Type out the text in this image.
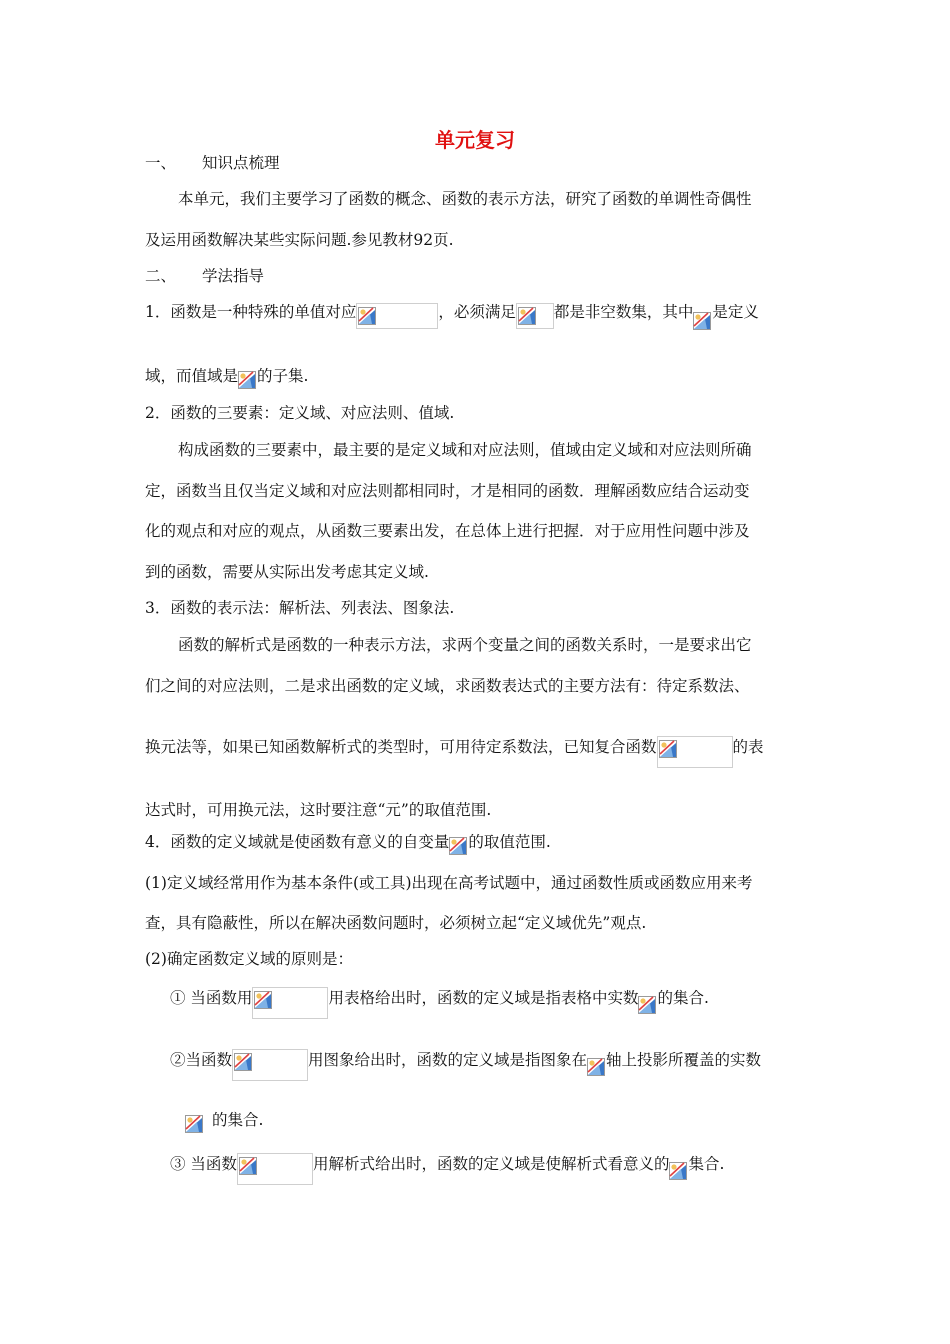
单元复习
一、 知识点梳理
本单元，我们主要学习了函数的概念、函数的表示方法，研究了函数的单调性奇偶性
及运用函数解决某些实际问题.参见教材92页.
二、 学法指导
1．函数是一种特殊的单值对应	，必须满足 都是非空数集，其中 是定义
域，而值域是 的子集.
2．函数的三要素：定义域、对应法则、值域.
构成函数的三要素中，最主要的是定义域和对应法则，值域由定义域和对应法则所确
定，函数当且仅当定义域和对应法则都相同时，才是相同的函数．理解函数应结合运动变
化的观点和对应的观点，从函数三要素出发，在总体上进行把握．对于应用性问题中涉及
到的函数，需要从实际出发考虑其定义域.
3．函数的表示法：解析法、列表法、图象法.
函数的解析式是函数的一种表示方法，求两个变量之间的函数关系时，一是要求出它
们之间的对应法则，二是求出函数的定义域，求函数表达式的主要方法有：待定系数法、
换元法等，如果已知函数解析式的类型时，可用待定系数法，已知复合函数	的表
达式时，可用换元法，这时要注意“元”的取值范围.
4．函数的定义域就是使函数有意义的自变量 的取值范围.
(1)定义域经常用作为基本条件(或工具)出现在高考试题中，通过函数性质或函数应用来考
查，具有隐蔽性，所以在解决函数问题时，必须树立起“定义域优先”观点.
(2)确定函数定义域的原则是：
① 当函数用	用表格给出时，函数的定义域是指表格中实数 的集合.
②当函数	用图象给出时，函数的定义域是指图象在 轴上投影所覆盖的实数
的集合.
③ 当函数	用解析式给出时，函数的定义域是使解析式看意义的 集合.
